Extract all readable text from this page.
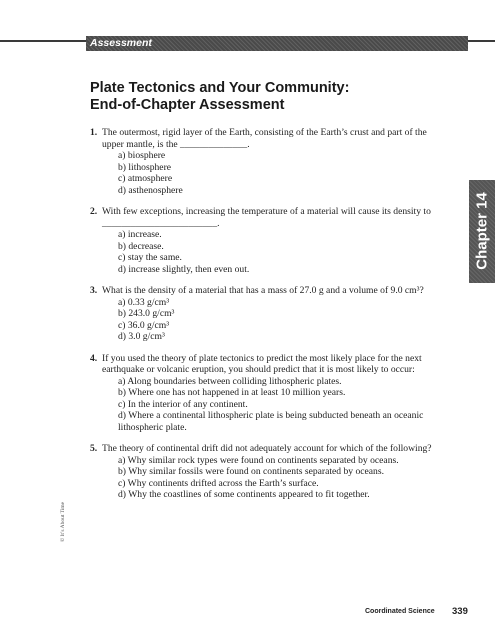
Assessment
Plate Tectonics and Your Community:
End-of-Chapter Assessment
1. The outermost, rigid layer of the Earth, consisting of the Earth’s crust and part of the upper mantle, is the ______________.
a) biosphere
b) lithosphere
c) atmosphere
d) asthenosphere
2. With few exceptions, increasing the temperature of a material will cause its density to ________________________.
a) increase.
b) decrease.
c) stay the same.
d) increase slightly, then even out.
3. What is the density of a material that has a mass of 27.0 g and a volume of 9.0 cm³?
a) 0.33 g/cm³
b) 243.0 g/cm³
c) 36.0 g/cm³
d) 3.0 g/cm³
4. If you used the theory of plate tectonics to predict the most likely place for the next earthquake or volcanic eruption, you should predict that it is most likely to occur:
a) Along boundaries between colliding lithospheric plates.
b) Where one has not happened in at least 10 million years.
c) In the interior of any continent.
d) Where a continental lithospheric plate is being subducted beneath an oceanic lithospheric plate.
5. The theory of continental drift did not adequately account for which of the following?
a) Why similar rock types were found on continents separated by oceans.
b) Why similar fossils were found on continents separated by oceans.
c) Why continents drifted across the Earth’s surface.
d) Why the coastlines of some continents appeared to fit together.
Chapter 14
© It’s About Time
Coordinated Science 339
